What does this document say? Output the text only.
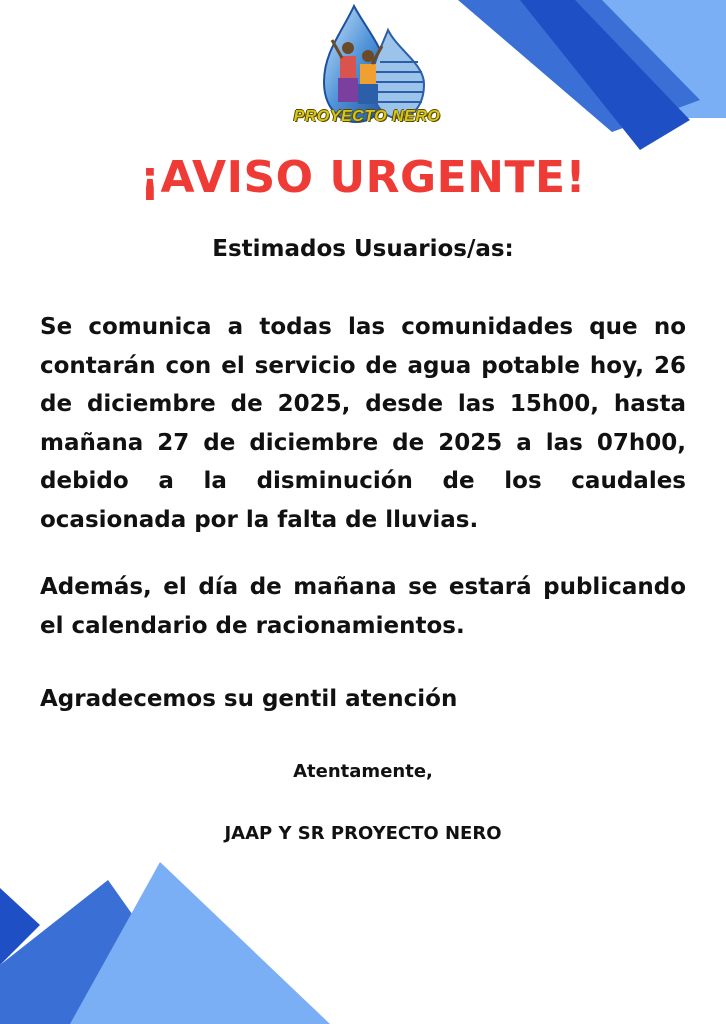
PROYECTO NERO
¡AVISO URGENTE!
Estimados Usuarios/as:
Se comunica a todas las comunidades que no contarán con el servicio de agua potable hoy, 26 de diciembre de 2025, desde las 15h00, hasta mañana 27 de diciembre de 2025 a las 07h00, debido a la disminución de los caudales ocasionada por la falta de lluvias.
Además, el día de mañana se estará publicando el calendario de racionamientos.
Agradecemos su gentil atención
Atentamente,
JAAP Y SR PROYECTO NERO
